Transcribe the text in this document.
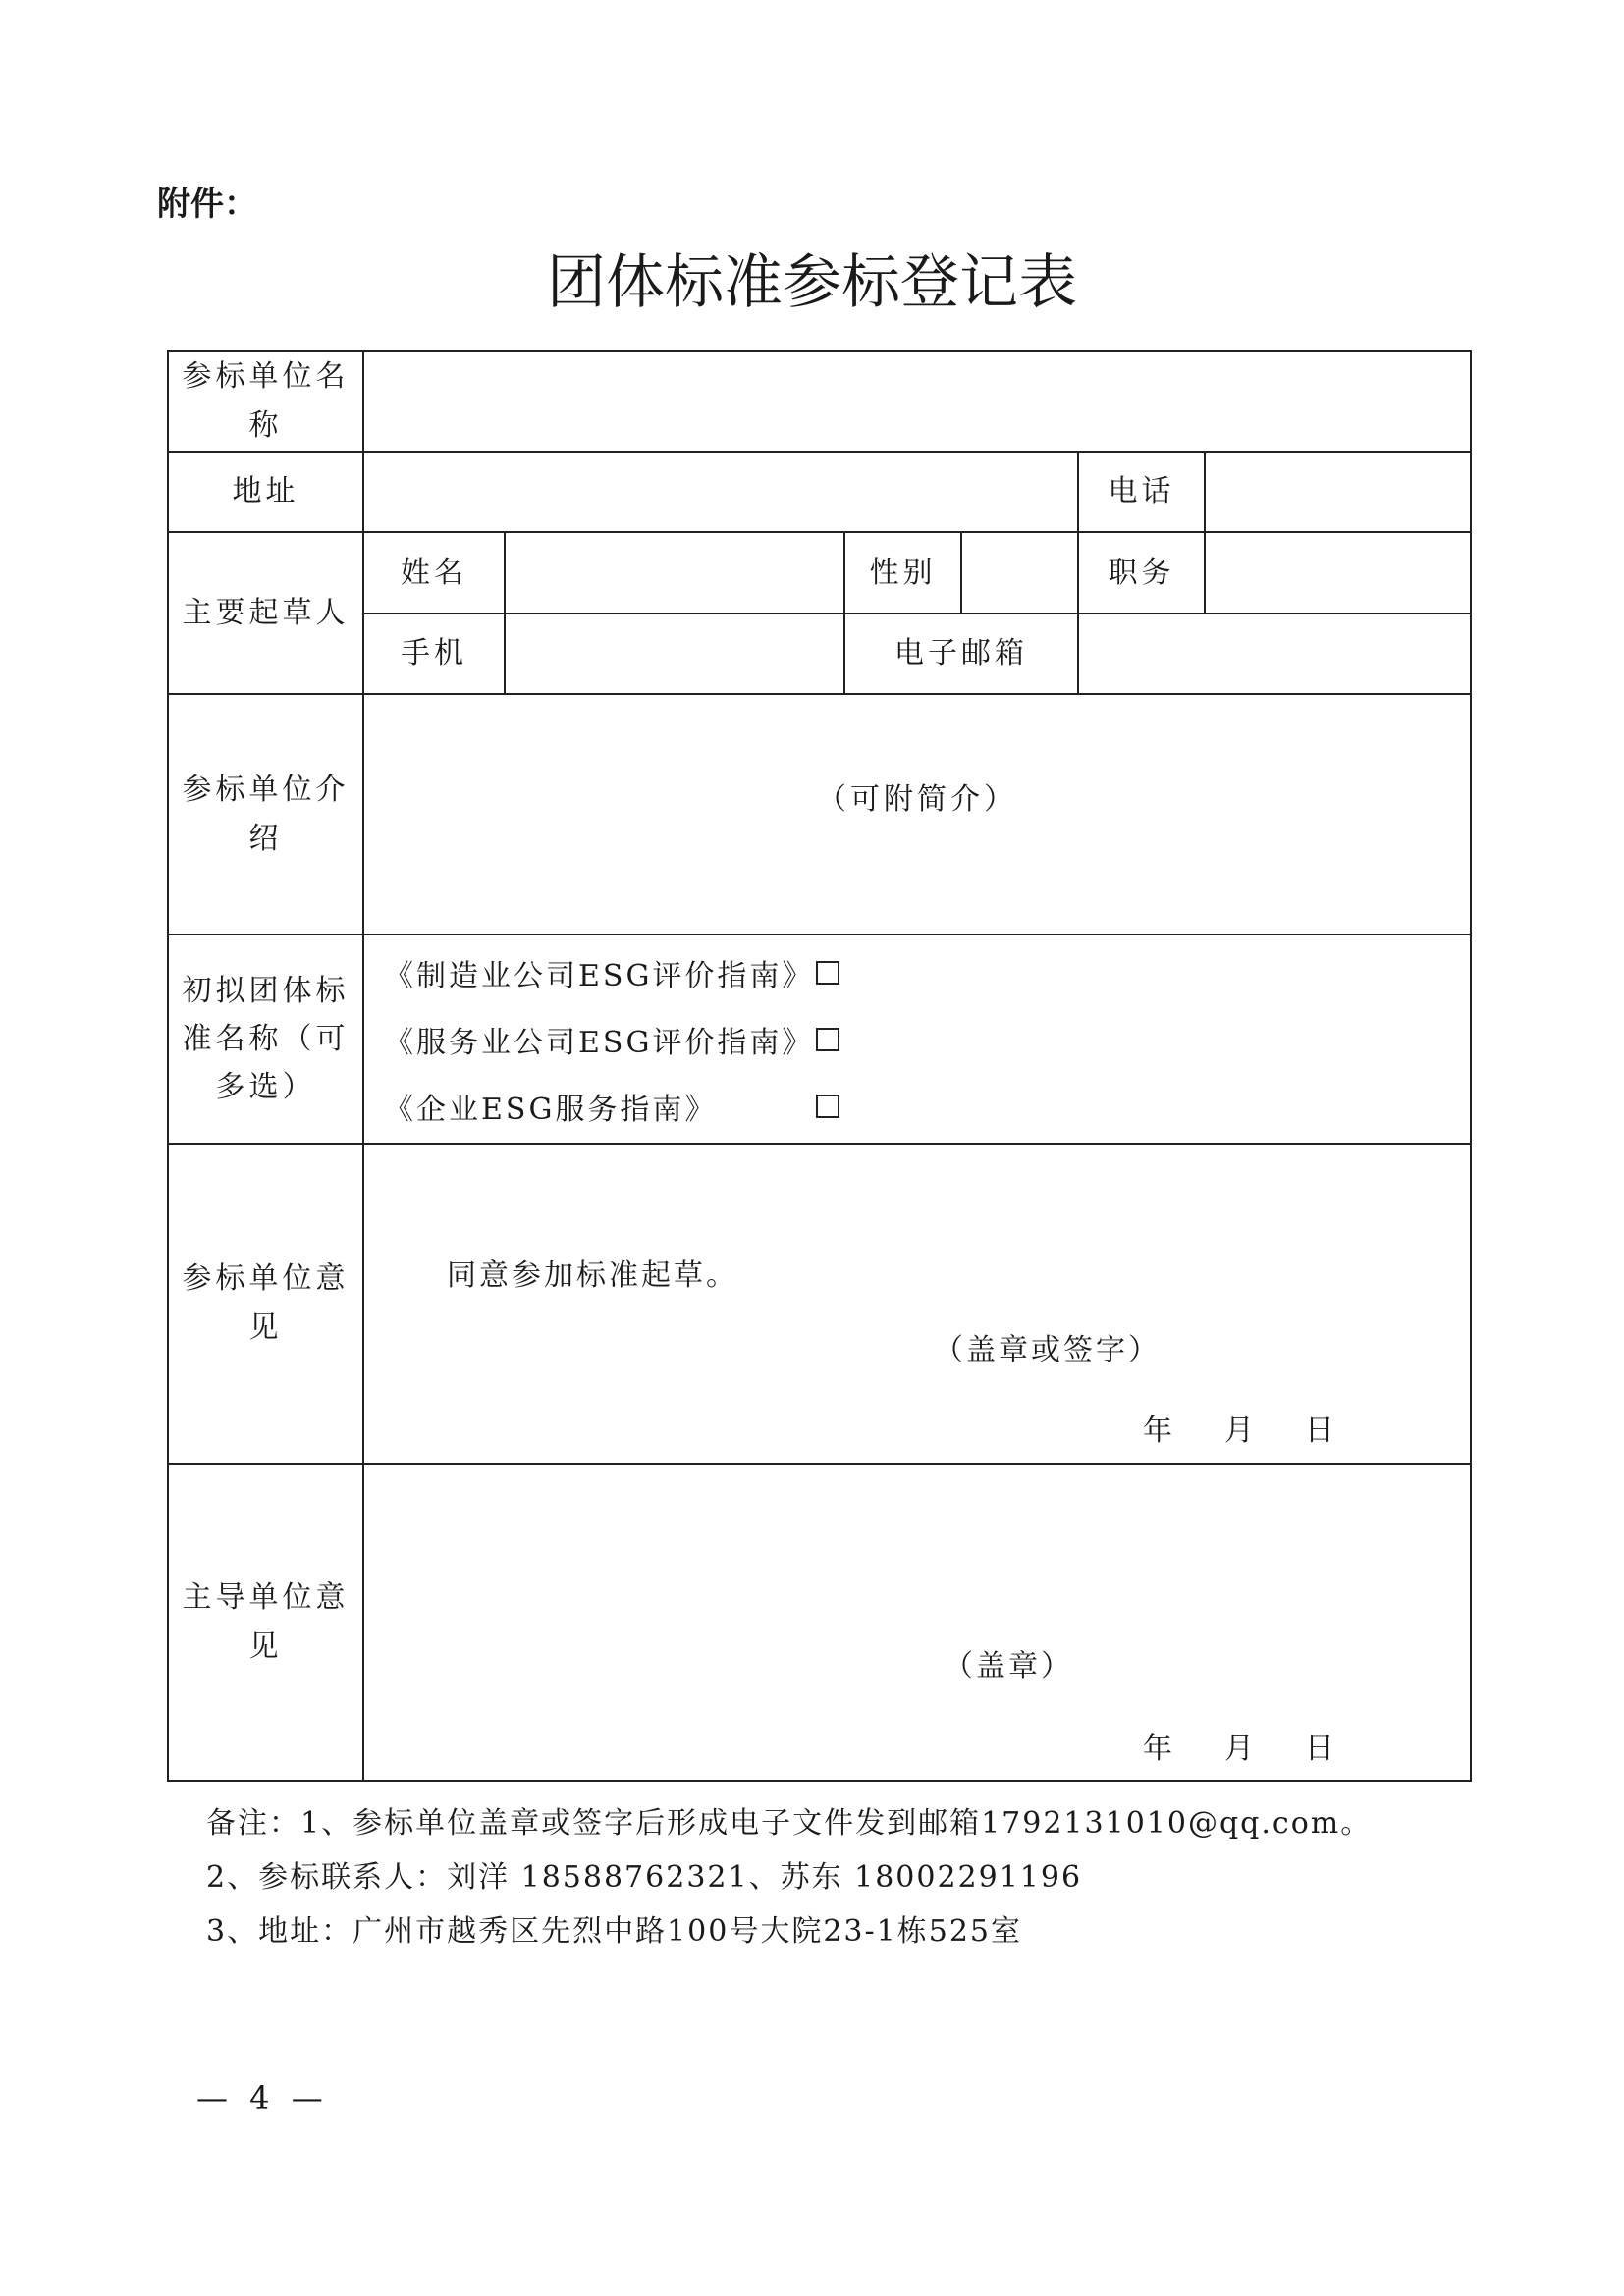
附件：
团体标准参标登记表
参标单位名称						
地址					电话	
主要起草人	姓名		性别		职务	
	手机		电子邮箱			
参标单位介绍	（可附简介）					
初拟团体标准名称（可多选）	《制造业公司ESG评价指南》
《服务业公司ESG评价指南》
《企业ESG服务指南》					

参标单位意见	同意参加标准起草。
（盖章或签字）
年 月 日					

主导单位意见	（盖章）
年 月 日					
备注：1、参标单位盖章或签字后形成电子文件发到邮箱1792131010@qq.com。
2、参标联系人：刘洋 18588762321、苏东 18002291196
3、地址：广州市越秀区先烈中路100号大院23-1栋525室
— 4 —
